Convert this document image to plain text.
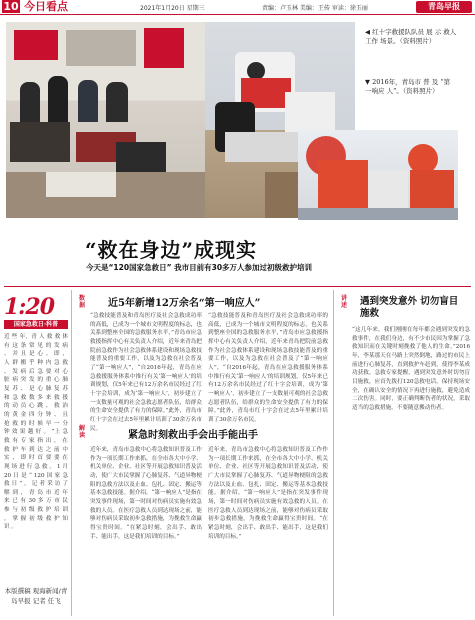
10 今日看点	2021年1月20日 星期三	责编：卢玉林 美编：王传 审读：徐玉丽	青岛早报
◀ 红十字救援队队员 展 示 救人工作 场景。（资料照片）
▼ 2016年，青岛市 普 及 “第 一响应 人”。（资料照片）
“救在身边”成现实
今天是“120国家急救日” 我市目前有30多万人参加过初级救护培训
1:20
国家急救日·科普
近 些 年，青 人 救 救 体 有 这 条 常 见 的 发 病 、 并 且 是 心 。 即 ， 人 群 搬 乎 种 内 急 救 、 发 病 后 急 要 对 心 脏 病 突 发 的 重 心 肺 复 苏 、 是 心 肺 复 苏 和 急 救 数 多 来 救 援 的 动 员 心 跳 、 救 治 的 黄 金 四 分 钟 、 且 抢 救 的 时 候 早 一 分 钟 效 果 越 好 。 ”上 急 救 有 专 家 指 出 ， 在 救 护 车 到 达 之 前 中 实 、 即 时 首 要 要 在 现 场 进 行 急 救 。 1 月 20 日 是 “ 120 国 家 急 救 日 ” ， 记 者 采 访 了 解 到 ， 青 岛 市 近 年 来 已 有 30 多 万 市 民 参 与 初 级 救 护 培 训 ， 掌 握 初 级 救 护 知 识 。
本版撰稿 观海新闻/青岛早报 记者 任飞
数据 近5年新增12万余名“第一响应人”
“急救技能普及和青岛医疗及社会急救成功率的高低，已成为一个城市文明程度的标志，也关系到整座全国的急救服务水平，”青岛市应急救援指挥中心有关负责人介绍，近年来青岛把院前急救作为社会急救体系建设和现场急救技能普及的重要工作，以及为急救在社会普及了“第一响应人”，“自2016年起，青岛在应急救援服务体系中推行有关‘第一响应人’的培训规划，仅5年来已有12万余名市民经过了红十字会培训，成为‘第一响应人’，初步建立了一支数量可观的社会急救志愿者队伍，给群众的生命安全提供了有力的保障。”此外，青岛市红十字会在过去5年里累计培训了30余万名市民。
“急救技能普及和青岛医疗及社会急救成功率的高低，已成为一个城市文明程度的标志，也关系到整座全国的急救服务水平，”青岛市应急救援指挥中心有关负责人介绍，近年来青岛把院前急救作为社会急救体系建设和现场急救技能普及的重要工作，以及为急救在社会普及了“第一响应人”，“自2016年起，青岛在应急救援服务体系中推行有关‘第一响应人’的培训规划，仅5年来已有12万余名市民经过了红十字会培训，成为‘第一响应人’，初步建立了一支数量可观的社会急救志愿者队伍，给群众的生命安全提供了有力的保障。”此外，青岛市红十字会在过去5年里累计培训了30余万名市民。
解读	紧急时刻救出手会出手能出手
近年来，青岛市急救中心将急救知识普及工作作为一项长期工作来抓，在全市各大中小学、机关单位、企业、社区等开展急救知识普及活动，使广大市民掌握了心肺复苏、气道异物梗阻的急救方法以及止血、包扎、固定、搬运等基本急救技能。据介绍，“第一响应人”是指在突发事件现场，第一时间对伤病员实施有效急救的人员。在医疗急救人员到达现场之前，能够对伤病员采取初步急救措施，为挽救生命赢得宝贵时间。“在紧急时刻，会出手、敢出手、能出手，这是我们培训的目标。”
近年来，青岛市急救中心将急救知识普及工作作为一项长期工作来抓，在全市各大中小学、机关单位、企业、社区等开展急救知识普及活动，使广大市民掌握了心肺复苏、气道异物梗阻的急救方法以及止血、包扎、固定、搬运等基本急救技能。据介绍，“第一响应人”是指在突发事件现场，第一时间对伤病员实施有效急救的人员。在医疗急救人员到达现场之前，能够对伤病员采取初步急救措施，为挽救生命赢得宝贵时间。“在紧急时刻，会出手、敢出手、能出手，这是我们培训的目标。”
讲述 遇到突发意外 切勿盲目施救
“这几年来，我们刚刚在每年都会遇到突发的急救事件，在我们身边，有不少市民因为掌握了急救知识而在关键时刻挽救了他人的生命。”2016年，李某那天在马路上突然倒地，路过的市民上前进行心肺复苏，直到救护车赶到，使得李某成功获救。急救专家提醒，遇到突发意外时切勿盲目施救，应首先拨打120急救电话，保持现场安全，在确认安全的情况下再进行施救，避免造成二次伤害。同时，要正确判断伤者的状况，采取适当的急救措施，不要随意搬动伤者。
